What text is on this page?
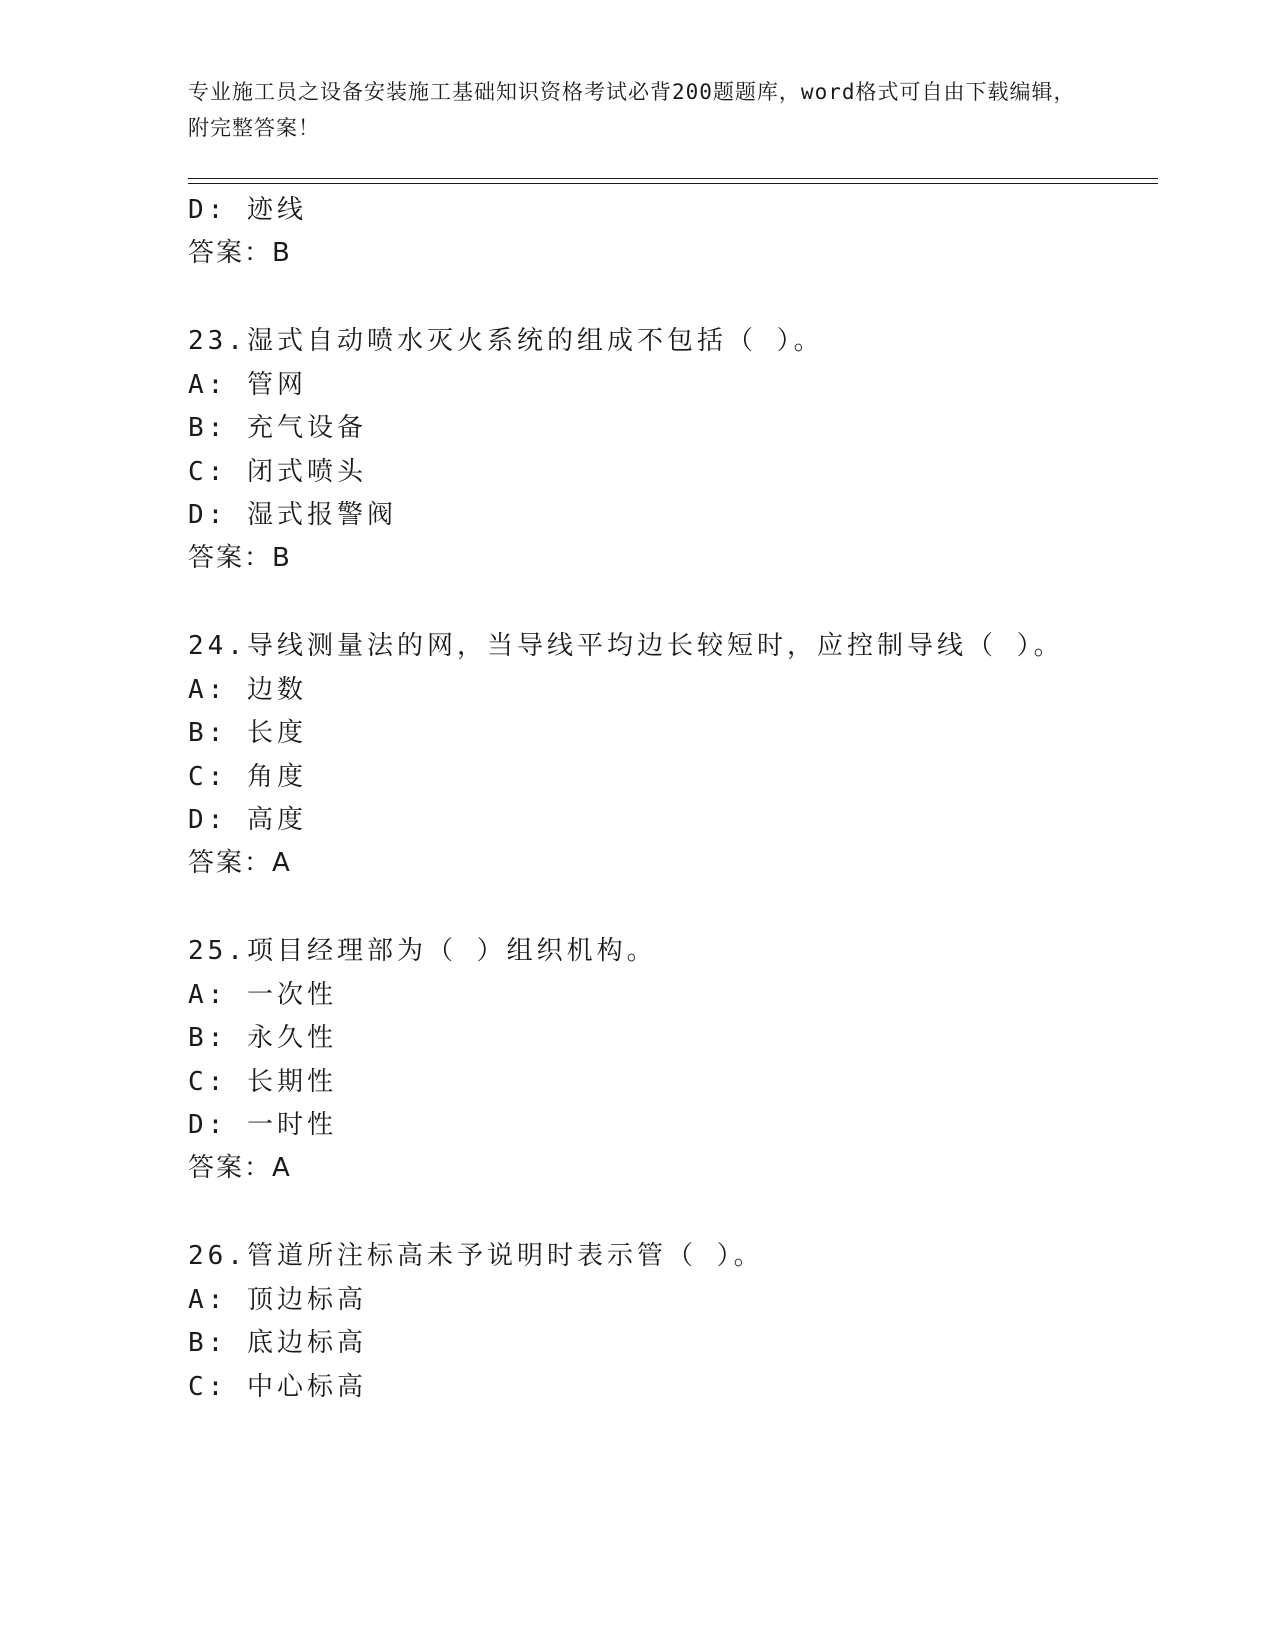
专业施工员之设备安装施工基础知识资格考试必背200题题库，word格式可自由下载编辑，附完整答案！
D: 迹线
答案：B
23.湿式自动喷水灭火系统的组成不包括（ ）。
A: 管网
B: 充气设备
C: 闭式喷头
D: 湿式报警阀
答案：B
24.导线测量法的网，当导线平均边长较短时，应控制导线（ ）。
A: 边数
B: 长度
C: 角度
D: 高度
答案：A
25.项目经理部为（ ）组织机构。
A: 一次性
B: 永久性
C: 长期性
D: 一时性
答案：A
26.管道所注标高未予说明时表示管（ ）。
A: 顶边标高
B: 底边标高
C: 中心标高
